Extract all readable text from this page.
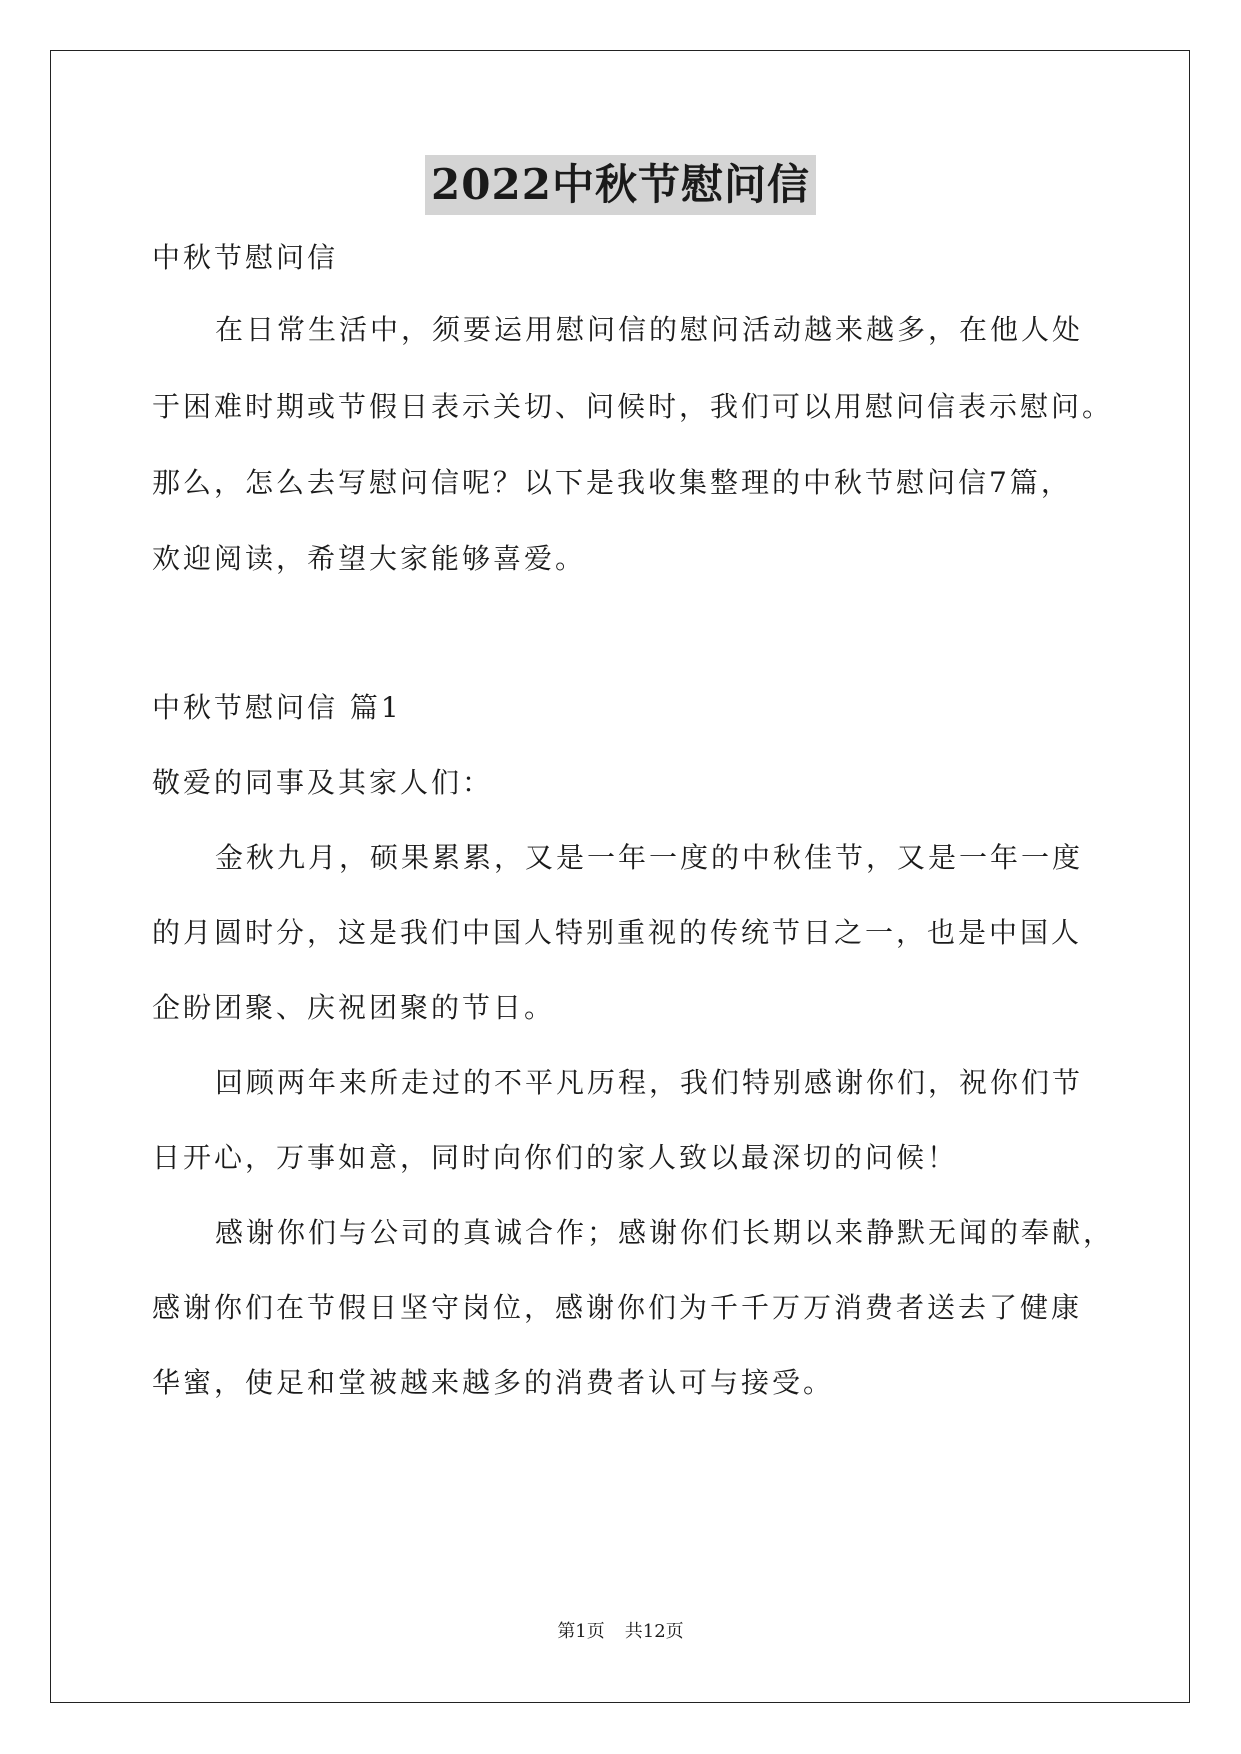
2022中秋节慰问信
中秋节慰问信
在日常生活中，须要运用慰问信的慰问活动越来越多，在他人处
于困难时期或节假日表示关切、问候时，我们可以用慰问信表示慰问。
那么，怎么去写慰问信呢？以下是我收集整理的中秋节慰问信7篇，
欢迎阅读，希望大家能够喜爱。
中秋节慰问信 篇1
敬爱的同事及其家人们：
金秋九月，硕果累累，又是一年一度的中秋佳节，又是一年一度
的月圆时分，这是我们中国人特别重视的传统节日之一，也是中国人
企盼团聚、庆祝团聚的节日。
回顾两年来所走过的不平凡历程，我们特别感谢你们，祝你们节
日开心，万事如意，同时向你们的家人致以最深切的问候！
感谢你们与公司的真诚合作；感谢你们长期以来静默无闻的奉献，
感谢你们在节假日坚守岗位，感谢你们为千千万万消费者送去了健康
华蜜，使足和堂被越来越多的消费者认可与接受。
第1页 共12页
